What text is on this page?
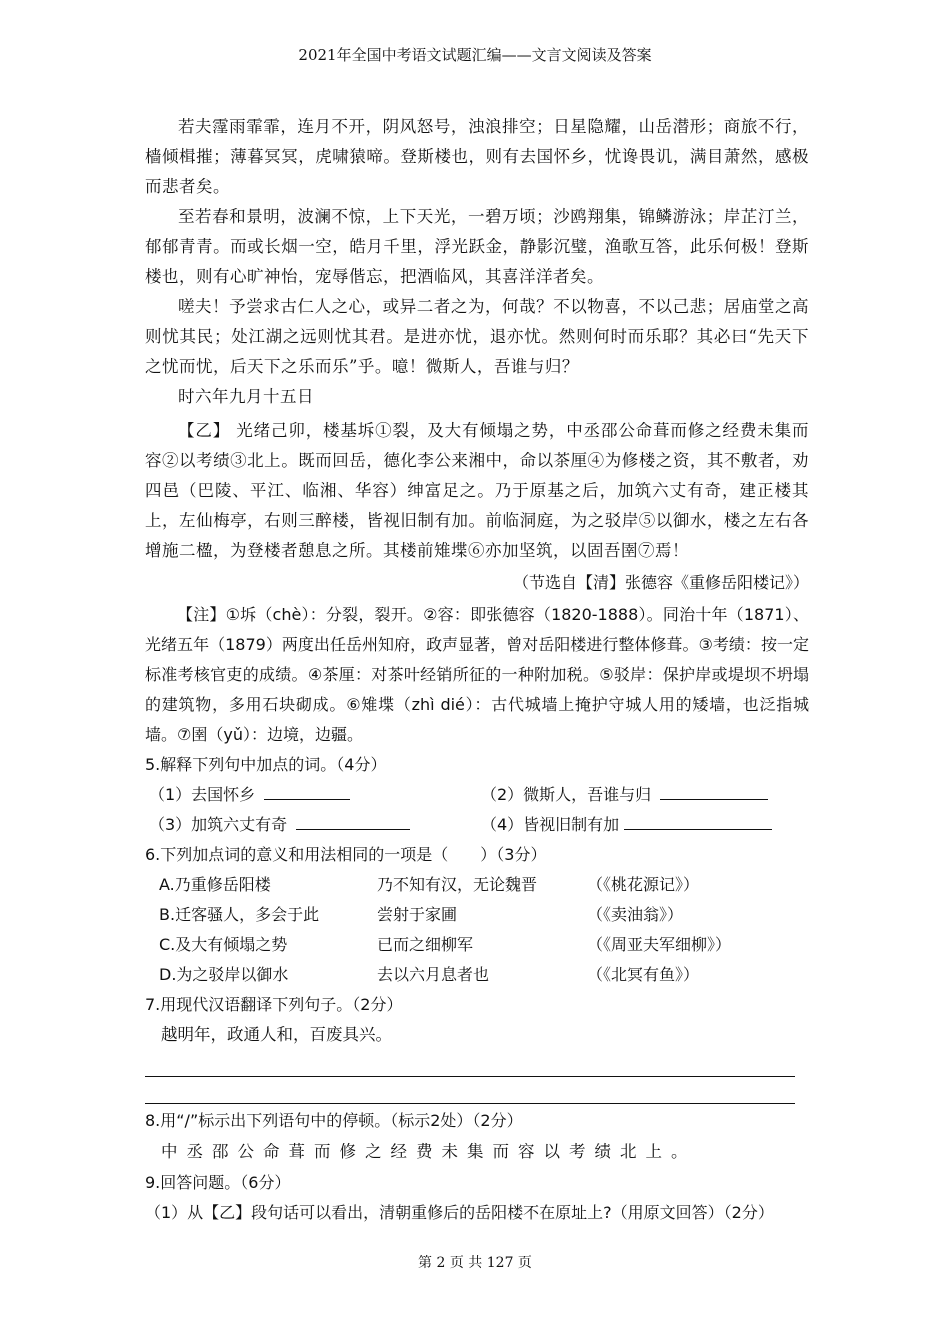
2021年全国中考语文试题汇编——文言文阅读及答案

若夫霪雨霏霏，连月不开，阴风怒号，浊浪排空；日星隐耀，山岳潜形；商旅不行，樯倾楫摧；薄暮冥冥，虎啸猿啼。登斯楼也，则有去国怀乡，忧谗畏讥，满目萧然，感极而悲者矣。

至若春和景明，波澜不惊，上下天光，一碧万顷；沙鸥翔集，锦鳞游泳；岸芷汀兰，郁郁青青。而或长烟一空，皓月千里，浮光跃金，静影沉璧，渔歌互答，此乐何极！登斯楼也，则有心旷神怡，宠辱偕忘，把酒临风，其喜洋洋者矣。

嗟夫！予尝求古仁人之心，或异二者之为，何哉？不以物喜，不以己悲；居庙堂之高则忧其民；处江湖之远则忧其君。是进亦忧，退亦忧。然则何时而乐耶？其必曰“先天下之忧而忧，后天下之乐而乐”乎。噫！微斯人，吾谁与归？

时六年九月十五日

【乙】 光绪己卯，楼基坼①裂，及大有倾塌之势，中丞邵公命葺而修之经费未集而容②以考绩③北上。既而回岳，德化李公来湘中，命以茶厘④为修楼之资，其不敷者，劝四邑（巴陵、平江、临湘、华容）绅富足之。乃于原基之后，加筑六丈有奇，建正楼其上，左仙梅亭，右则三醉楼，皆视旧制有加。前临洞庭，为之驳岸⑤以御水，楼之左右各增施二楹，为登楼者憩息之所。其楼前雉堞⑥亦加坚筑，以固吾圉⑦焉！

（节选自【清】张德容《重修岳阳楼记》）

【注】①坼（chè）：分裂，裂开。②容：即张德容（1820-1888）。同治十年（1871）、光绪五年（1879）两度出任岳州知府，政声显著，曾对岳阳楼进行整体修葺。③考绩：按一定标准考核官吏的成绩。④茶厘：对茶叶经销所征的一种附加税。⑤驳岸：保护岸或堤坝不坍塌的建筑物，多用石块砌成。⑥雉堞（zhì dié）：古代城墙上掩护守城人用的矮墙，也泛指城墙。⑦圉（yǔ）：边境，边疆。

5.解释下列句中加点的词。（4分）

（1）去国怀乡	（2）微斯人，吾谁与归
（3）加筑六丈有奇	（4）皆视旧制有加

6.下列加点词的意义和用法相同的一项是（　　）（3分）

A.乃重修岳阳楼	乃不知有汉，无论魏晋	（《桃花源记》）
B.迁客骚人，多会于此	尝射于家圃	（《卖油翁》）
C.及大有倾塌之势	已而之细柳军	（《周亚夫军细柳》）
D.为之驳岸以御水	去以六月息者也	（《北冥有鱼》）

7.用现代汉语翻译下列句子。（2分）

越明年，政通人和，百废具兴。

8.用“/”标示出下列语句中的停顿。（标示2处）（2分）

中丞邵公命葺而修之经费未集而容以考绩北上。

9.回答问题。（6分）

（1）从【乙】段句话可以看出，清朝重修后的岳阳楼不在原址上?（用原文回答）（2分）

第 2 页 共 127 页
